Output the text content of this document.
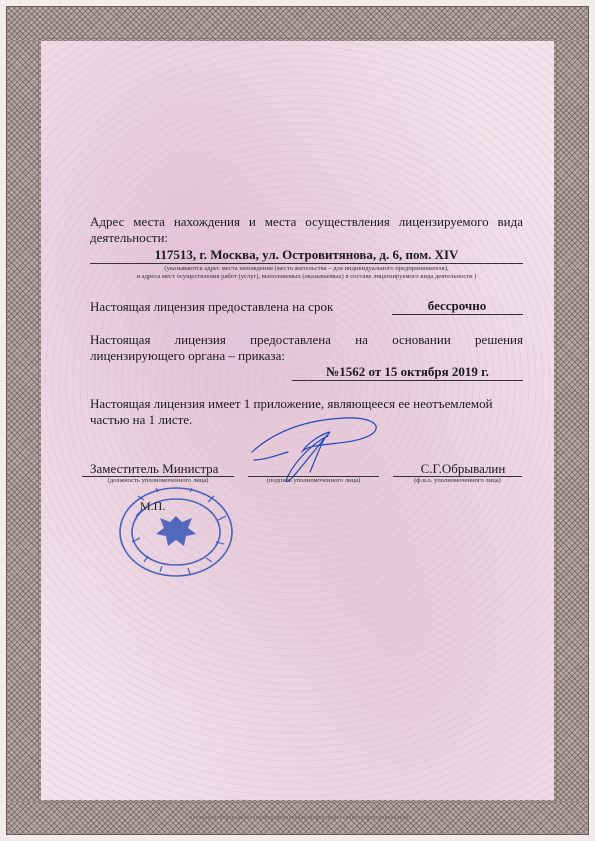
Адрес места нахождения и места осуществления лицензируемого вида
деятельности:
117513, г. Москва, ул. Островитянова, д. 6, пом. XIV
(указываются адрес места нахождения (место жительства – для индивидуального предпринимателя),
и адреса мест осуществления работ (услуг), выполняемых (оказываемых) в составе лицензируемого вида деятельности )
Настоящая лицензия предоставлена на срок	бессрочно
Настоящая лицензия предоставлена на основании решения
лицензирующего органа – приказа:
№1562 от 15 октября 2019 г.
Настоящая лицензия имеет 1 приложение, являющееся ее неотъемлемой
частью на 1 листе.
М.П.
Заместитель Министра
(должность уполномоченного лица)	(подпись уполномоченного лица)
С.Г.Обрывалин
(ф.и.о. уполномоченного лица)
